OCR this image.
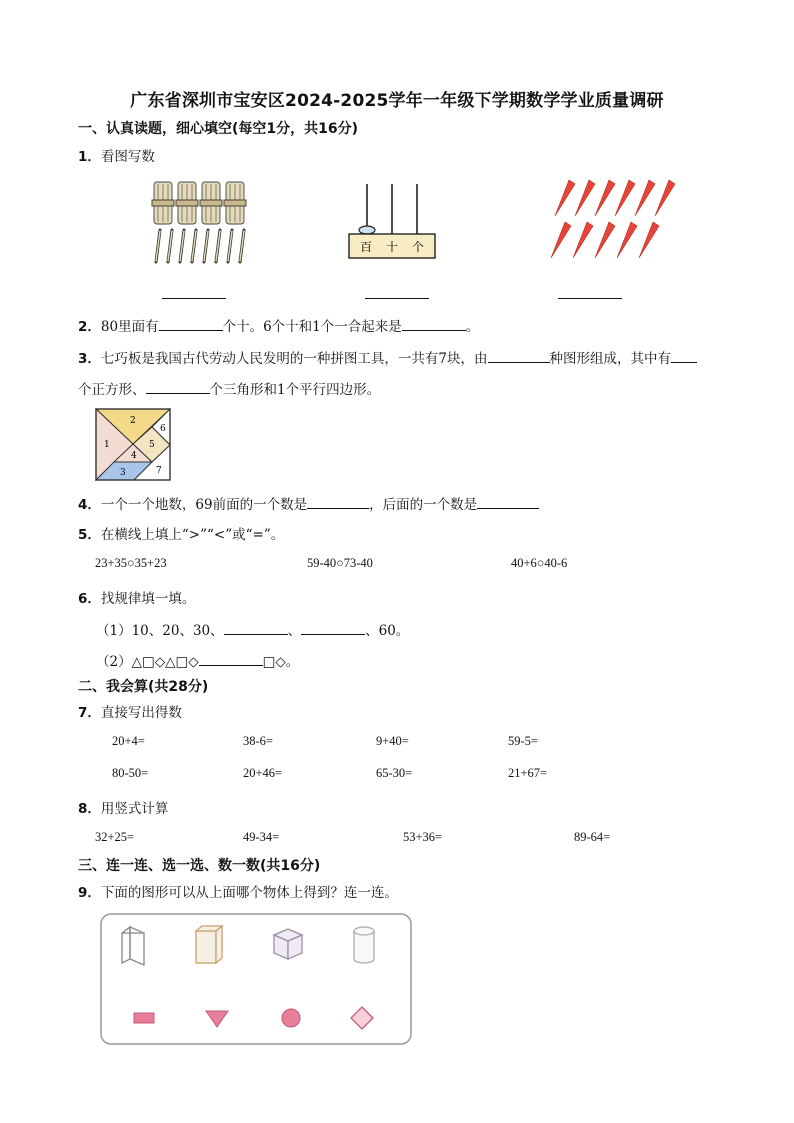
广东省深圳市宝安区2024-2025学年一年级下学期数学学业质量调研
一、认真读题，细心填空(每空1分，共16分)
1．看图写数
百 十 个
2．80里面有	个十。6个十和1个一合起来是	。
3．七巧板是我国古代劳动人民发明的一种拼图工具，一共有7块，由	种图形组成，其中有
个正方形、	个三角形和1个平行四边形。
1
2
3
4
5
6
7
4．一个一个地数，69前面的一个数是	，后面的一个数是
5．在横线上填上“>”“<”或“=”。
23+35○35+23	59-40○73-40	40+6○40-6
6．找规律填一填。
（1）10、20、30、	、	、60。
（2）△□◇△□◇	□◇。
二、我会算(共28分)
7．直接写出得数
20+4=	38-6=	9+40=	59-5=
80-50=	20+46=	65-30=	21+67=
8．用竖式计算
32+25=	49-34=	53+36=	89-64=
三、连一连、选一选、数一数(共16分)
9．下面的图形可以从上面哪个物体上得到？连一连。
